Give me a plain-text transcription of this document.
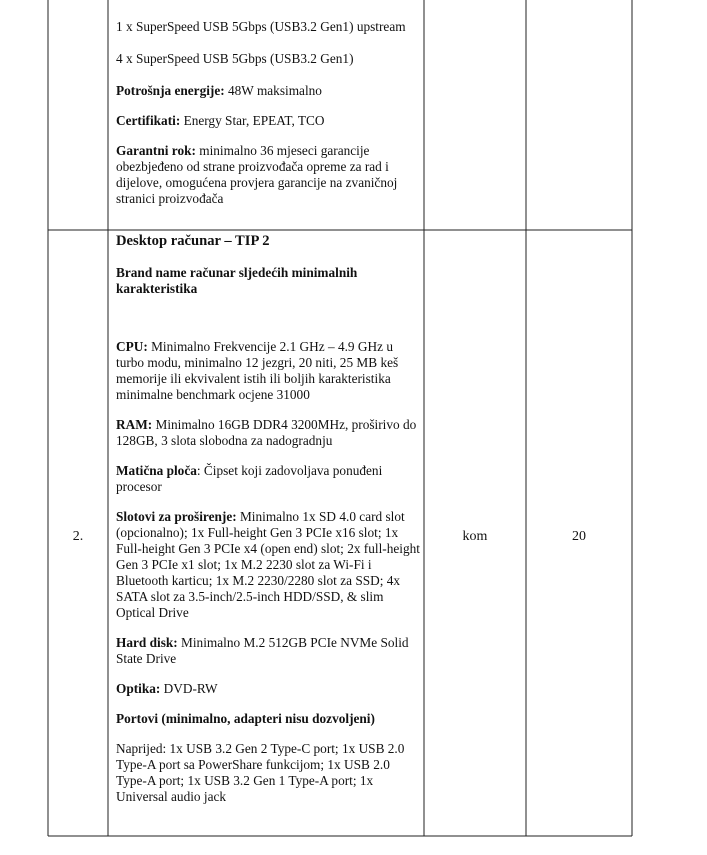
1 x SuperSpeed USB 5Gbps (USB3.2 Gen1) upstream

4 x SuperSpeed USB 5Gbps (USB3.2 Gen1)

Potrošnja energije: 48W maksimalno

Certifikati: Energy Star, EPEAT, TCO

Garantni rok: minimalno 36 mjeseci garancije obezbjeđeno od strane proizvođača opreme za rad i dijelove, omogućena provjera garancije na zvaničnoj stranici proizvođača

2.

Desktop računar – TIP 2

Brand name računar sljedećih minimalnih karakteristika

CPU: Minimalno Frekvencije 2.1 GHz – 4.9 GHz u turbo modu, minimalno 12 jezgri, 20 niti, 25 MB keš memorije ili ekvivalent istih ili boljih karakteristika minimalne benchmark ocjene 31000

RAM: Minimalno 16GB DDR4 3200MHz, proširivo do 128GB, 3 slota slobodna za nadogradnju

Matična ploča: Čipset koji zadovoljava ponuđeni procesor

Slotovi za proširenje: Minimalno 1x SD 4.0 card slot (opcionalno); 1x Full-height Gen 3 PCIe x16 slot; 1x Full-height Gen 3 PCIe x4 (open end) slot; 2x full-height Gen 3 PCIe x1 slot; 1x M.2 2230 slot za Wi-Fi i Bluetooth karticu; 1x M.2 2230/2280 slot za SSD; 4x SATA slot za 3.5-inch/2.5-inch HDD/SSD, & slim Optical Drive

Hard disk: Minimalno M.2 512GB PCIe NVMe Solid State Drive

Optika: DVD-RW

Portovi (minimalno, adapteri nisu dozvoljeni)

Naprijed: 1x USB 3.2 Gen 2 Type-C port; 1x USB 2.0 Type-A port sa PowerShare funkcijom; 1x USB 2.0 Type-A port; 1x USB 3.2 Gen 1 Type-A port; 1x Universal audio jack

kom	20
